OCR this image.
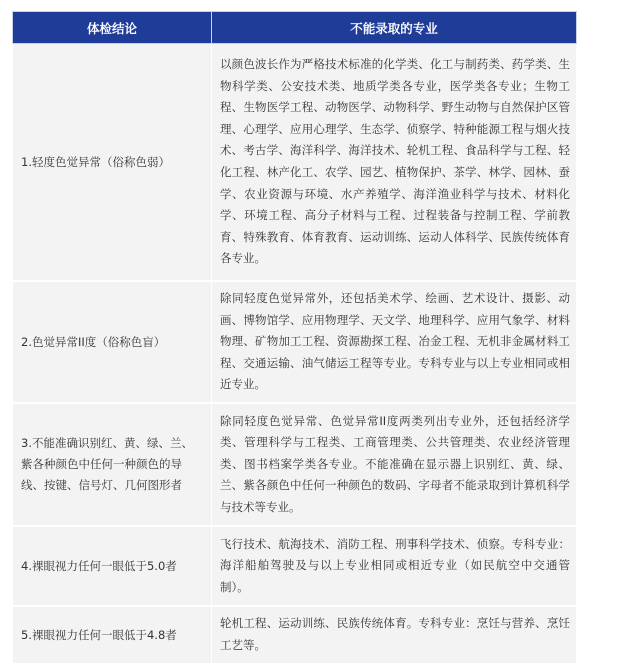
体检结论	不能录取的专业
1.轻度色觉异常（俗称色弱）	以颜色波长作为严格技术标准的化学类、化工与制药类、药学类、生物科学类、公安技术类、地质学类各专业，医学类各专业；生物工程、生物医学工程、动物医学、动物科学、野生动物与自然保护区管理、心理学、应用心理学、生态学、侦察学、特种能源工程与烟火技术、考古学、海洋科学、海洋技术、轮机工程、食品科学与工程、轻化工程、林产化工、农学、园艺、植物保护、茶学、林学、园林、蚕学、农业资源与环境、水产养殖学、海洋渔业科学与技术、材料化学、环境工程、高分子材料与工程、过程装备与控制工程、学前教育、特殊教育、体育教育、运动训练、运动人体科学、民族传统体育各专业。
2.色觉异常II度（俗称色盲）	除同轻度色觉异常外，还包括美术学、绘画、艺术设计、摄影、动画、博物馆学、应用物理学、天文学、地理科学、应用气象学、材料物理、矿物加工工程、资源勘探工程、冶金工程、无机非金属材料工程、交通运输、油气储运工程等专业。专科专业与以上专业相同或相近专业。
3.不能准确识别红、黄、绿、兰、紫各种颜色中任何一种颜色的导线、按键、信号灯、几何图形者	除同轻度色觉异常、色觉异常II度两类列出专业外，还包括经济学类、管理科学与工程类、工商管理类、公共管理类、农业经济管理类、图书档案学类各专业。不能准确在显示器上识别红、黄、绿、兰、紫各颜色中任何一种颜色的数码、字母者不能录取到计算机科学与技术等专业。
4.裸眼视力任何一眼低于5.0者	飞行技术、航海技术、消防工程、刑事科学技术、侦察。专科专业：海洋船舶驾驶及与以上专业相同或相近专业（如民航空中交通管制）。
5.裸眼视力任何一眼低于4.8者	轮机工程、运动训练、民族传统体育。专科专业：烹饪与营养、烹饪工艺等。
